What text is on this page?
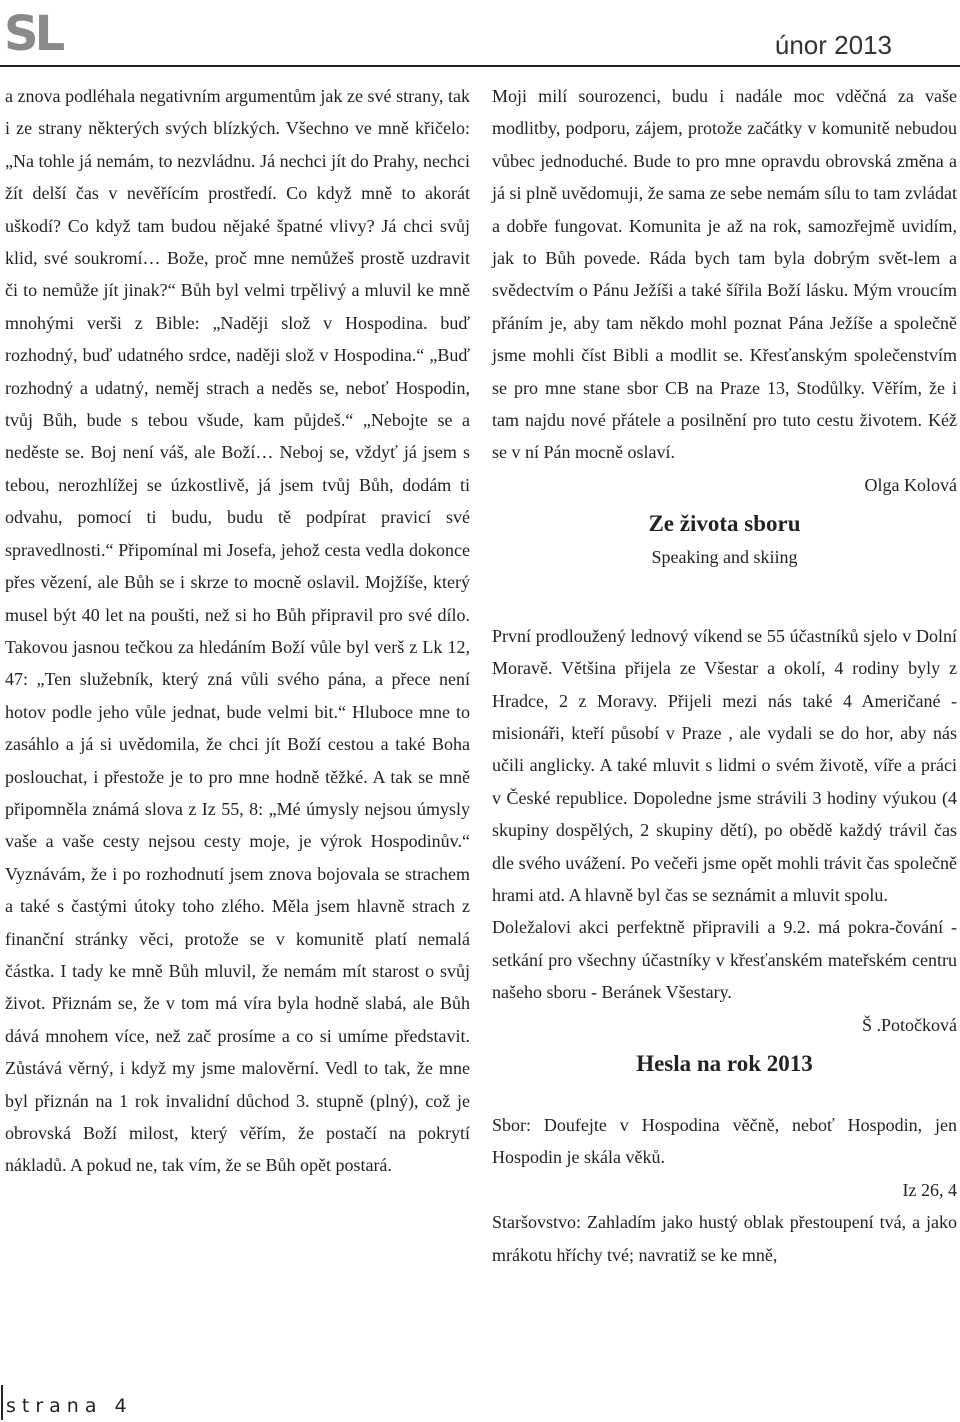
SL	únor 2013

a znova podléhala negativním argumentům jak ze své strany, tak i ze strany některých svých blízkých. Všechno ve mně křičelo: „Na tohle já nemám, to nezvládnu. Já nechci jít do Prahy, nechci žít delší čas v nevěřícím prostředí. Co když mně to akorát uškodí? Co když tam budou nějaké špatné vlivy? Já chci svůj klid, své soukromí… Bože, proč mne nemůžeš prostě uzdravit či to nemůže jít jinak?“ Bůh byl velmi trpělivý a mluvil ke mně mnohými verši z Bible: „Naději slož v Hospodina. buď rozhodný, buď udatného srdce, naději slož v Hospodina.“ „Buď rozhodný a udatný, neměj strach a neděs se, neboť Hospodin, tvůj Bůh, bude s tebou všude, kam půjdeš.“ „Nebojte se a neděste se. Boj není váš, ale Boží… Neboj se, vždyť já jsem s tebou, nerozhlížej se úzkostlivě, já jsem tvůj Bůh, dodám ti odvahu, pomocí ti budu, budu tě podpírat pravicí své spravedlnosti.“ Připomínal mi Josefa, jehož cesta vedla dokonce přes vězení, ale Bůh se i skrze to mocně oslavil. Mojžíše, který musel být 40 let na poušti, než si ho Bůh připravil pro své dílo. Takovou jasnou tečkou za hledáním Boží vůle byl verš z Lk 12, 47: „Ten služebník, který zná vůli svého pána, a přece není hotov podle jeho vůle jednat, bude velmi bit.“ Hluboce mne to zasáhlo a já si uvědomila, že chci jít Boží cestou a také Boha poslouchat, i přestože je to pro mne hodně těžké. A tak se mně připomněla známá slova z Iz 55, 8: „Mé úmysly nejsou úmysly vaše a vaše cesty nejsou cesty moje, je výrok Hospodinův.“ Vyznávám, že i po rozhodnutí jsem znova bojovala se strachem a také s častými útoky toho zlého. Měla jsem hlavně strach z finanční stránky věci, protože se v komunitě platí nemalá částka. I tady ke mně Bůh mluvil, že nemám mít starost o svůj život. Přiznám se, že v tom má víra byla hodně slabá, ale Bůh dává mnohem více, než zač prosíme a co si umíme představit. Zůstává věrný, i když my jsme malověrní. Vedl to tak, že mne byl přiznán na 1 rok invalidní důchod 3. stupně (plný), což je obrovská Boží milost, který věřím, že postačí na pokrytí nákladů. A pokud ne, tak vím, že se Bůh opět postará.

Moji milí sourozenci, budu i nadále moc vděčná za vaše modlitby, podporu, zájem, protože začátky v komunitě nebudou vůbec jednoduché. Bude to pro mne opravdu obrovská změna a já si plně uvědomuji, že sama ze sebe nemám sílu to tam zvládat a dobře fungovat. Komunita je až na rok, samozřejmě uvidím, jak to Bůh povede. Ráda bych tam byla dobrým svět-lem a svědectvím o Pánu Ježíši a také šířila Boží lásku. Mým vroucím přáním je, aby tam někdo mohl poznat Pána Ježíše a společně jsme mohli číst Bibli a modlit se. Křesťanským společenstvím se pro mne stane sbor CB na Praze 13, Stodůlky. Věřím, že i tam najdu nové přátele a posilnění pro tuto cestu životem. Kéž se v ní Pán mocně oslaví.

Olga Kolová

Ze života sboru
Speaking and skiing

První prodloužený lednový víkend se 55 účastníků sjelo v Dolní Moravě. Většina přijela ze Všestar a okolí, 4 rodiny byly z Hradce, 2 z Moravy. Přijeli mezi nás také 4 Američané - misionáři, kteří působí v Praze , ale vydali se do hor, aby nás učili anglicky. A také mluvit s lidmi o svém životě, víře a práci v České republice. Dopoledne jsme strávili 3 hodiny výukou (4 skupiny dospělých, 2 skupiny dětí), po obědě každý trávil čas dle svého uvážení. Po večeři jsme opět mohli trávit čas společně hrami atd. A hlavně byl čas se seznámit a mluvit spolu.

Doležalovi akci perfektně připravili a 9.2. má pokra-čování - setkání pro všechny účastníky v křesťanském mateřském centru našeho sboru - Beránek Všestary.

Š .Potočková

Hesla na rok 2013

Sbor: Doufejte v Hospodina věčně, neboť Hospodin, jen Hospodin je skála věků.

Iz 26, 4

Staršovstvo: Zahladím jako hustý oblak přestoupení tvá, a jako mrákotu hříchy tvé; navratiž se ke mně,

strana 4
